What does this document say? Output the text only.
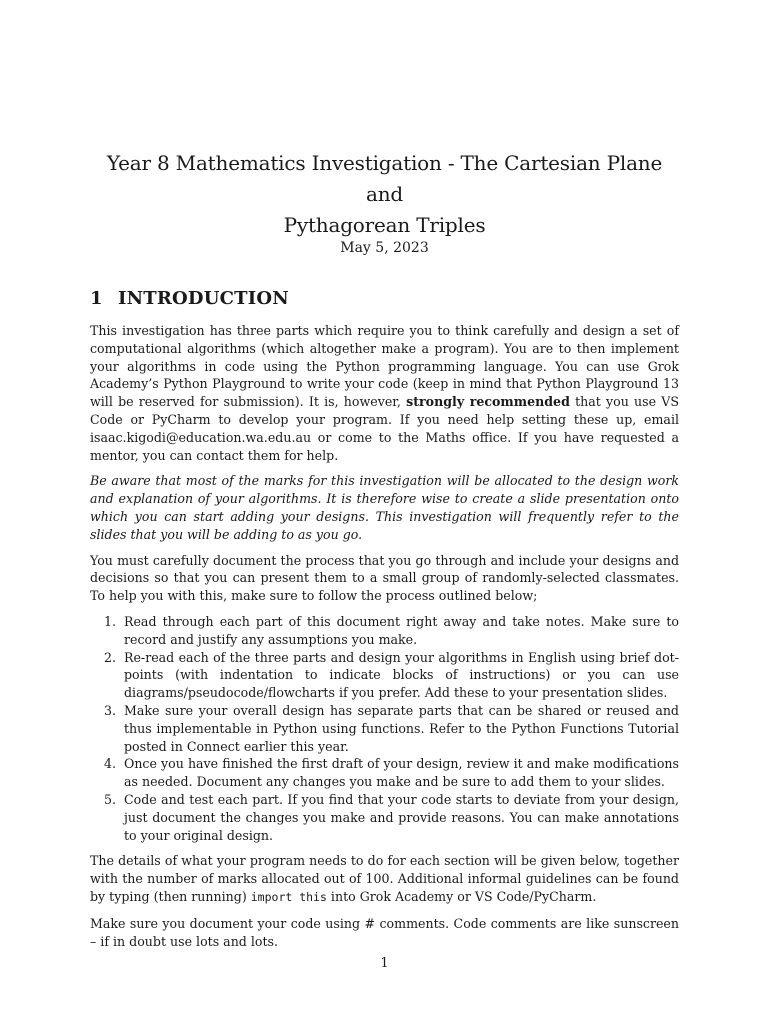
Year 8 Mathematics Investigation - The Cartesian Plane and
Pythagorean Triples
May 5, 2023
1 INTRODUCTION

This investigation has three parts which require you to think carefully and design a set of computational algorithms (which altogether make a program). You are to then implement your algorithms in code using the Python programming language. You can use Grok Academy’s Python Playground to write your code (keep in mind that Python Playground 13 will be reserved for submission). It is, however, strongly recommended that you use VS Code or PyCharm to develop your program. If you need help setting these up, email isaac.kigodi@education.wa.edu.au or come to the Maths office. If you have requested a mentor, you can contact them for help.

Be aware that most of the marks for this investigation will be allocated to the design work and explanation of your algorithms. It is therefore wise to create a slide presentation onto which you can start adding your designs. This investigation will frequently refer to the slides that you will be adding to as you go.

You must carefully document the process that you go through and include your designs and decisions so that you can present them to a small group of randomly-selected classmates. To help you with this, make sure to follow the process outlined below;

1. Read through each part of this document right away and take notes. Make sure to record and justify any assumptions you make.
2. Re-read each of the three parts and design your algorithms in English using brief dot-points (with indentation to indicate blocks of instructions) or you can use diagrams/pseudocode/flowcharts if you prefer. Add these to your presentation slides.
3. Make sure your overall design has separate parts that can be shared or reused and thus implementable in Python using functions. Refer to the Python Functions Tutorial posted in Connect earlier this year.
4. Once you have finished the first draft of your design, review it and make modifications as needed. Document any changes you make and be sure to add them to your slides.
5. Code and test each part. If you find that your code starts to deviate from your design, just document the changes you make and provide reasons. You can make annotations to your original design.

The details of what your program needs to do for each section will be given below, together with the number of marks allocated out of 100. Additional informal guidelines can be found by typing (then running) import this into Grok Academy or VS Code/PyCharm.

Make sure you document your code using # comments. Code comments are like sunscreen – if in doubt use lots and lots.

1
